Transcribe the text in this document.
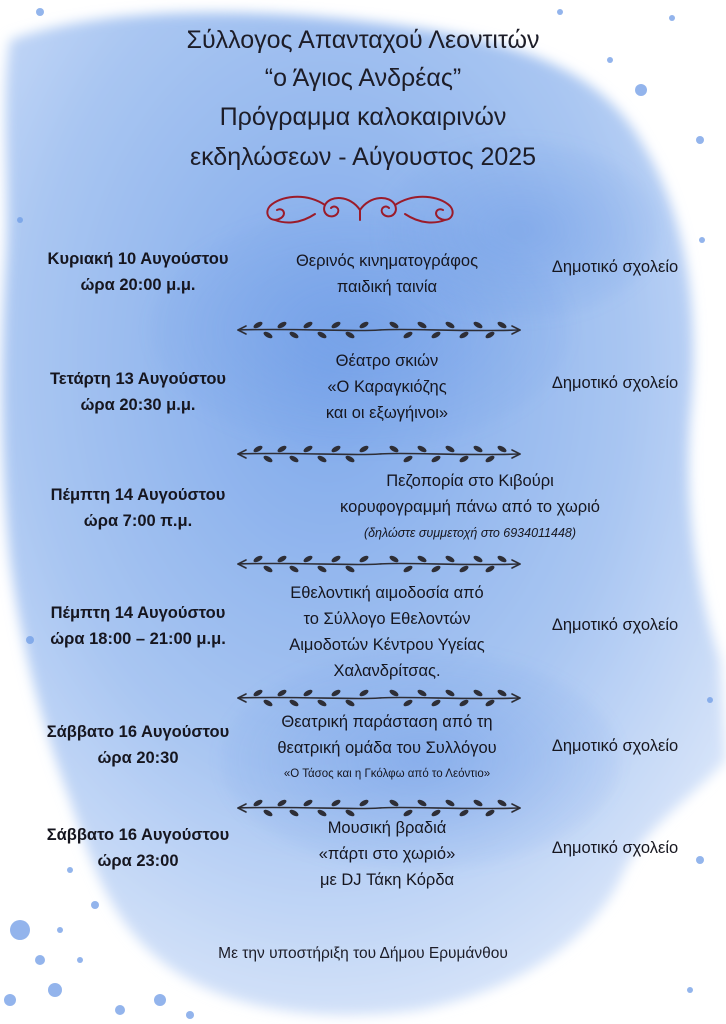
Σύλλογος Απανταχού Λεοντιτών
“ο Άγιος Ανδρέας”
Πρόγραμμα καλοκαιρινών
εκδηλώσεων - Αύγουστος 2025
Κυριακή 10 Αυγούστου
ώρα 20:00 μ.μ.
Θερινός κινηματογράφος
παιδική ταινία
Δημοτικό σχολείο
Τετάρτη 13 Αυγούστου
ώρα 20:30 μ.μ.
Θέατρο σκιών
«Ο Καραγκιόζης
και οι εξωγήινοι»
Δημοτικό σχολείο
Πέμπτη 14 Αυγούστου
ώρα 7:00 π.μ.
Πεζοπορία στο Κιβούρι
κορυφογραμμή πάνω από το χωριό
(δηλώστε συμμετοχή στο 6934011448)
Πέμπτη 14 Αυγούστου
ώρα 18:00 – 21:00 μ.μ.
Εθελοντική αιμοδοσία από
το Σύλλογο Εθελοντών
Αιμοδοτών Κέντρου Υγείας
Χαλανδρίτσας.
Δημοτικό σχολείο
Σάββατο 16 Αυγούστου
ώρα 20:30
Θεατρική παράσταση από τη
θεατρική ομάδα του Συλλόγου
«Ο Τάσος και η Γκόλφω από το Λεόντιο»
Δημοτικό σχολείο
Σάββατο 16 Αυγούστου
ώρα 23:00
Μουσική βραδιά
«πάρτι στο χωριό»
με DJ Τάκη Κόρδα
Δημοτικό σχολείο
Με την υποστήριξη του Δήμου Ερυμάνθου
